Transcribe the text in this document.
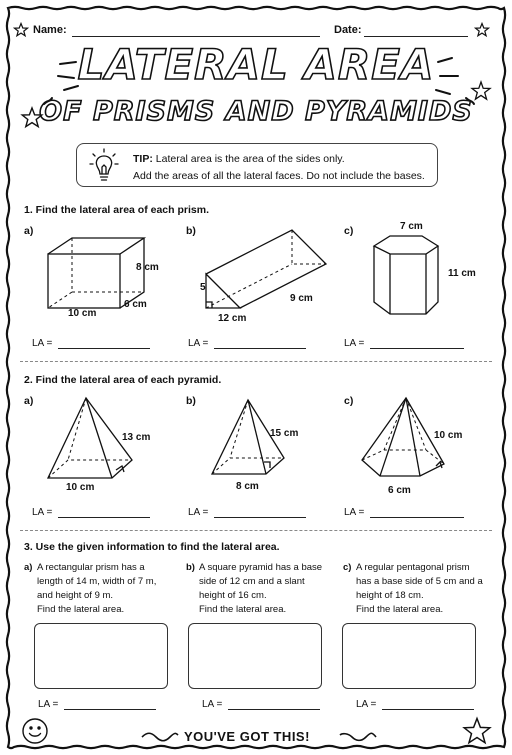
Name:	Date:
LATERAL AREA
OF PRISMS AND PYRAMIDS
TIP: Lateral area is the area of the sides only.
Add the areas of all the lateral faces. Do not include the bases.
1. Find the lateral area of each prism.
a)
8 cm
10 cm
6 cm
b)
5
12 cm
9 cm
c)	7 cm
11 cm
LA =	LA =	LA =
2. Find the lateral area of each pyramid.
a)
13 cm
10 cm
b)
15 cm
8 cm
c)
10 cm
6 cm
LA =	LA =	LA =
3. Use the given information to find the lateral area.
a) A rectangular prism has a
length of 14 m, width of 7 m,
and height of 9 m.
Find the lateral area.
b) A square pyramid has a base
side of 12 cm and a slant
height of 16 cm.
Find the lateral area.
c) A regular pentagonal prism
has a base side of 5 cm and a
height of 18 cm.
Find the lateral area.
LA =	LA =	LA =
YOU'VE GOT THIS!
